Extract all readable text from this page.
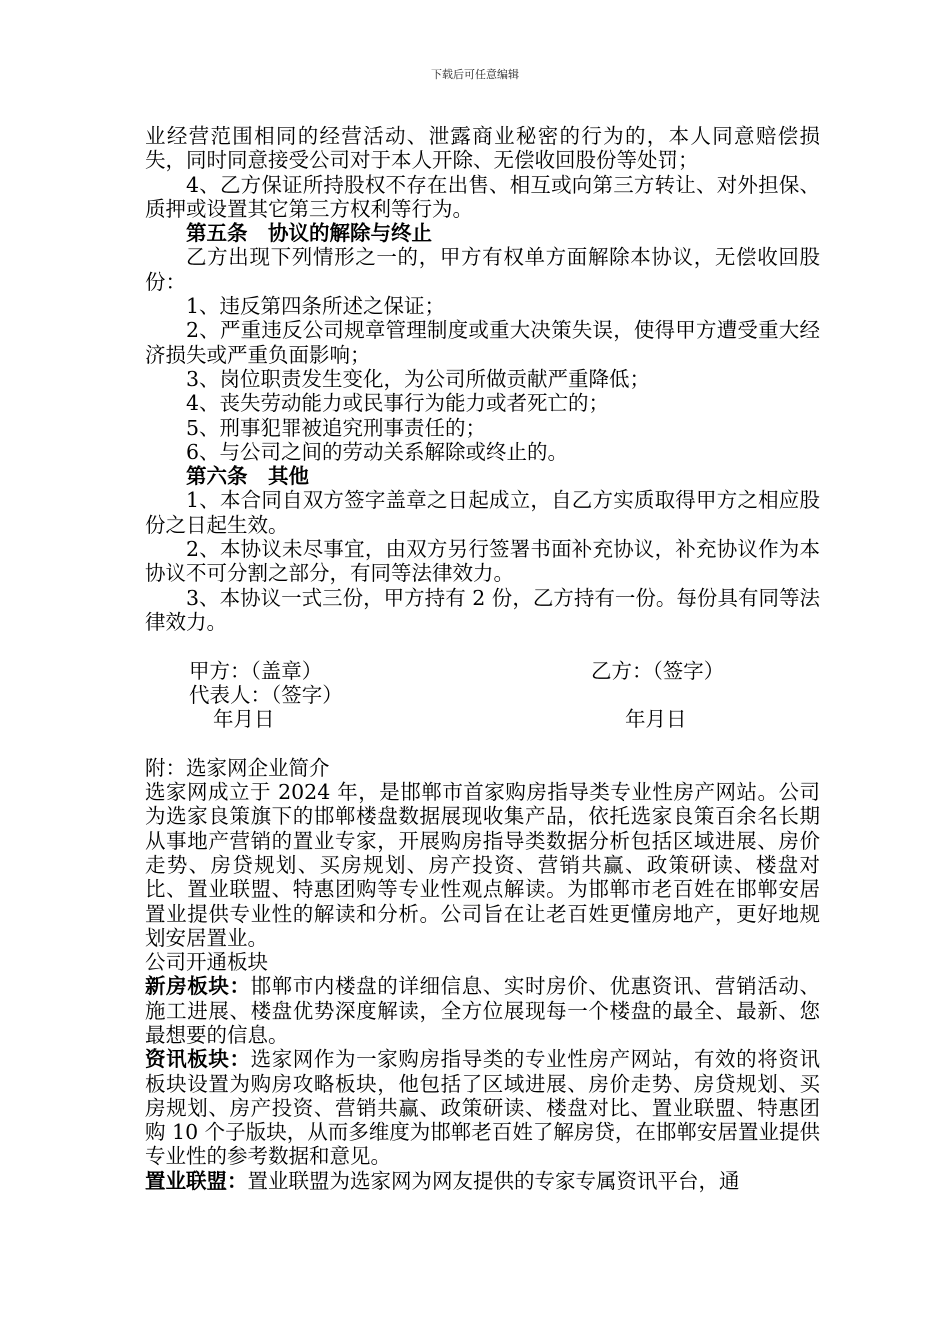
下载后可任意编辑

业经营范围相同的经营活动、泄露商业秘密的行为的，本人同意赔偿损失，同时同意接受公司对于本人开除、无偿收回股份等处罚；

4、乙方保证所持股权不存在出售、相互或向第三方转让、对外担保、质押或设置其它第三方权利等行为。

第五条　协议的解除与终止

乙方出现下列情形之一的，甲方有权单方面解除本协议，无偿收回股份：

1、违反第四条所述之保证；

2、严重违反公司规章管理制度或重大决策失误，使得甲方遭受重大经济损失或严重负面影响；

3、岗位职责发生变化，为公司所做贡献严重降低；

4、丧失劳动能力或民事行为能力或者死亡的；

5、刑事犯罪被追究刑事责任的；

6、与公司之间的劳动关系解除或终止的。

第六条　其他

1、本合同自双方签字盖章之日起成立，自乙方实质取得甲方之相应股份之日起生效。

2、本协议未尽事宜，由双方另行签署书面补充协议，补充协议作为本协议不可分割之部分，有同等法律效力。

3、本协议一式三份，甲方持有 2 份，乙方持有一份。每份具有同等法律效力。

甲方：（盖章）	乙方：（签字）
代表人：（签字）
年
月
日	年
月
日

附：选家网企业简介

选家网成立于 2024 年，是邯郸市首家购房指导类专业性房产网站。公司为选家良策旗下的邯郸楼盘数据展现收集产品，依托选家良策百余名长期从事地产营销的置业专家，开展购房指导类数据分析包括区域进展、房价走势、房贷规划、买房规划、房产投资、营销共赢、政策研读、楼盘对比、置业联盟、特惠团购等专业性观点解读。为邯郸市老百姓在邯郸安居置业提供专业性的解读和分析。公司旨在让老百姓更懂房地产，更好地规划安居置业。

公司开通板块

新房板块：邯郸市内楼盘的详细信息、实时房价、优惠资讯、营销活动、施工进展、楼盘优势深度解读，全方位展现每一个楼盘的最全、最新、您最想要的信息。

资讯板块：选家网作为一家购房指导类的专业性房产网站，有效的将资讯板块设置为购房攻略板块，他包括了区域进展、房价走势、房贷规划、买房规划、房产投资、营销共赢、政策研读、楼盘对比、置业联盟、特惠团购 10 个子版块，从而多维度为邯郸老百姓了解房贷，在邯郸安居置业提供专业性的参考数据和意见。

置业联盟：置业联盟为选家网为网友提供的专家专属资讯平台，通
